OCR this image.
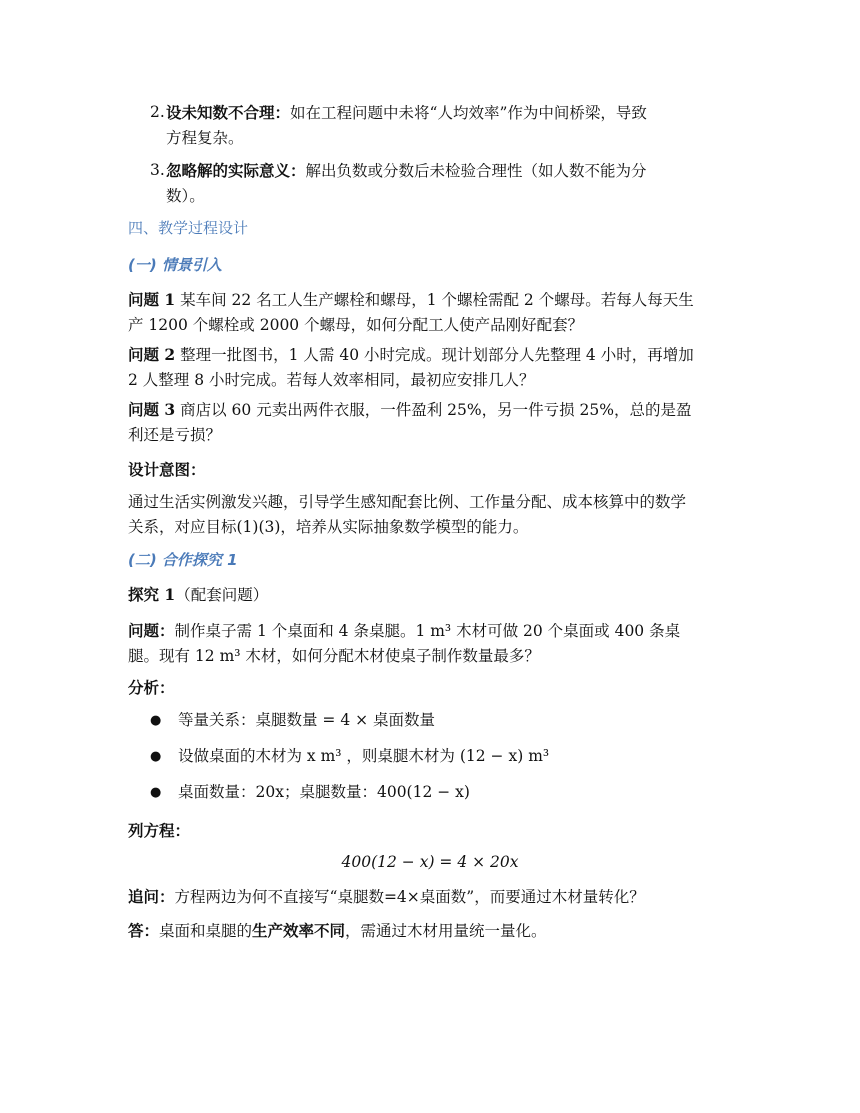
2. 设未知数不合理：如在工程问题中未将“人均效率”作为中间桥梁，导致
方程复杂。
3. 忽略解的实际意义：解出负数或分数后未检验合理性（如人数不能为分
数）。
四、教学过程设计
(一) 情景引入
问题 1 某车间 22 名工人生产螺栓和螺母，1 个螺栓需配 2 个螺母。若每人每天生
产 1200 个螺栓或 2000 个螺母，如何分配工人使产品刚好配套？
问题 2 整理一批图书，1 人需 40 小时完成。现计划部分人先整理 4 小时，再增加
2 人整理 8 小时完成。若每人效率相同，最初应安排几人？
问题 3 商店以 60 元卖出两件衣服，一件盈利 25%，另一件亏损 25%，总的是盈
利还是亏损？
设计意图：
通过生活实例激发兴趣，引导学生感知配套比例、工作量分配、成本核算中的数学
关系，对应目标(1)(3)，培养从实际抽象数学模型的能力。
(二) 合作探究 1
探究 1（配套问题）
问题：制作桌子需 1 个桌面和 4 条桌腿。1 m³ 木材可做 20 个桌面或 400 条桌
腿。现有 12 m³ 木材，如何分配木材使桌子制作数量最多？
分析：
● 等量关系：桌腿数量 = 4 × 桌面数量
● 设做桌面的木材为 x m³ ，则桌腿木材为 (12 − x) m³
● 桌面数量：20x；桌腿数量：400(12 − x)
列方程：
400(12 − x) = 4 × 20x
追问：方程两边为何不直接写“桌腿数=4×桌面数”，而要通过木材量转化？
答：桌面和桌腿的生产效率不同，需通过木材用量统一量化。
